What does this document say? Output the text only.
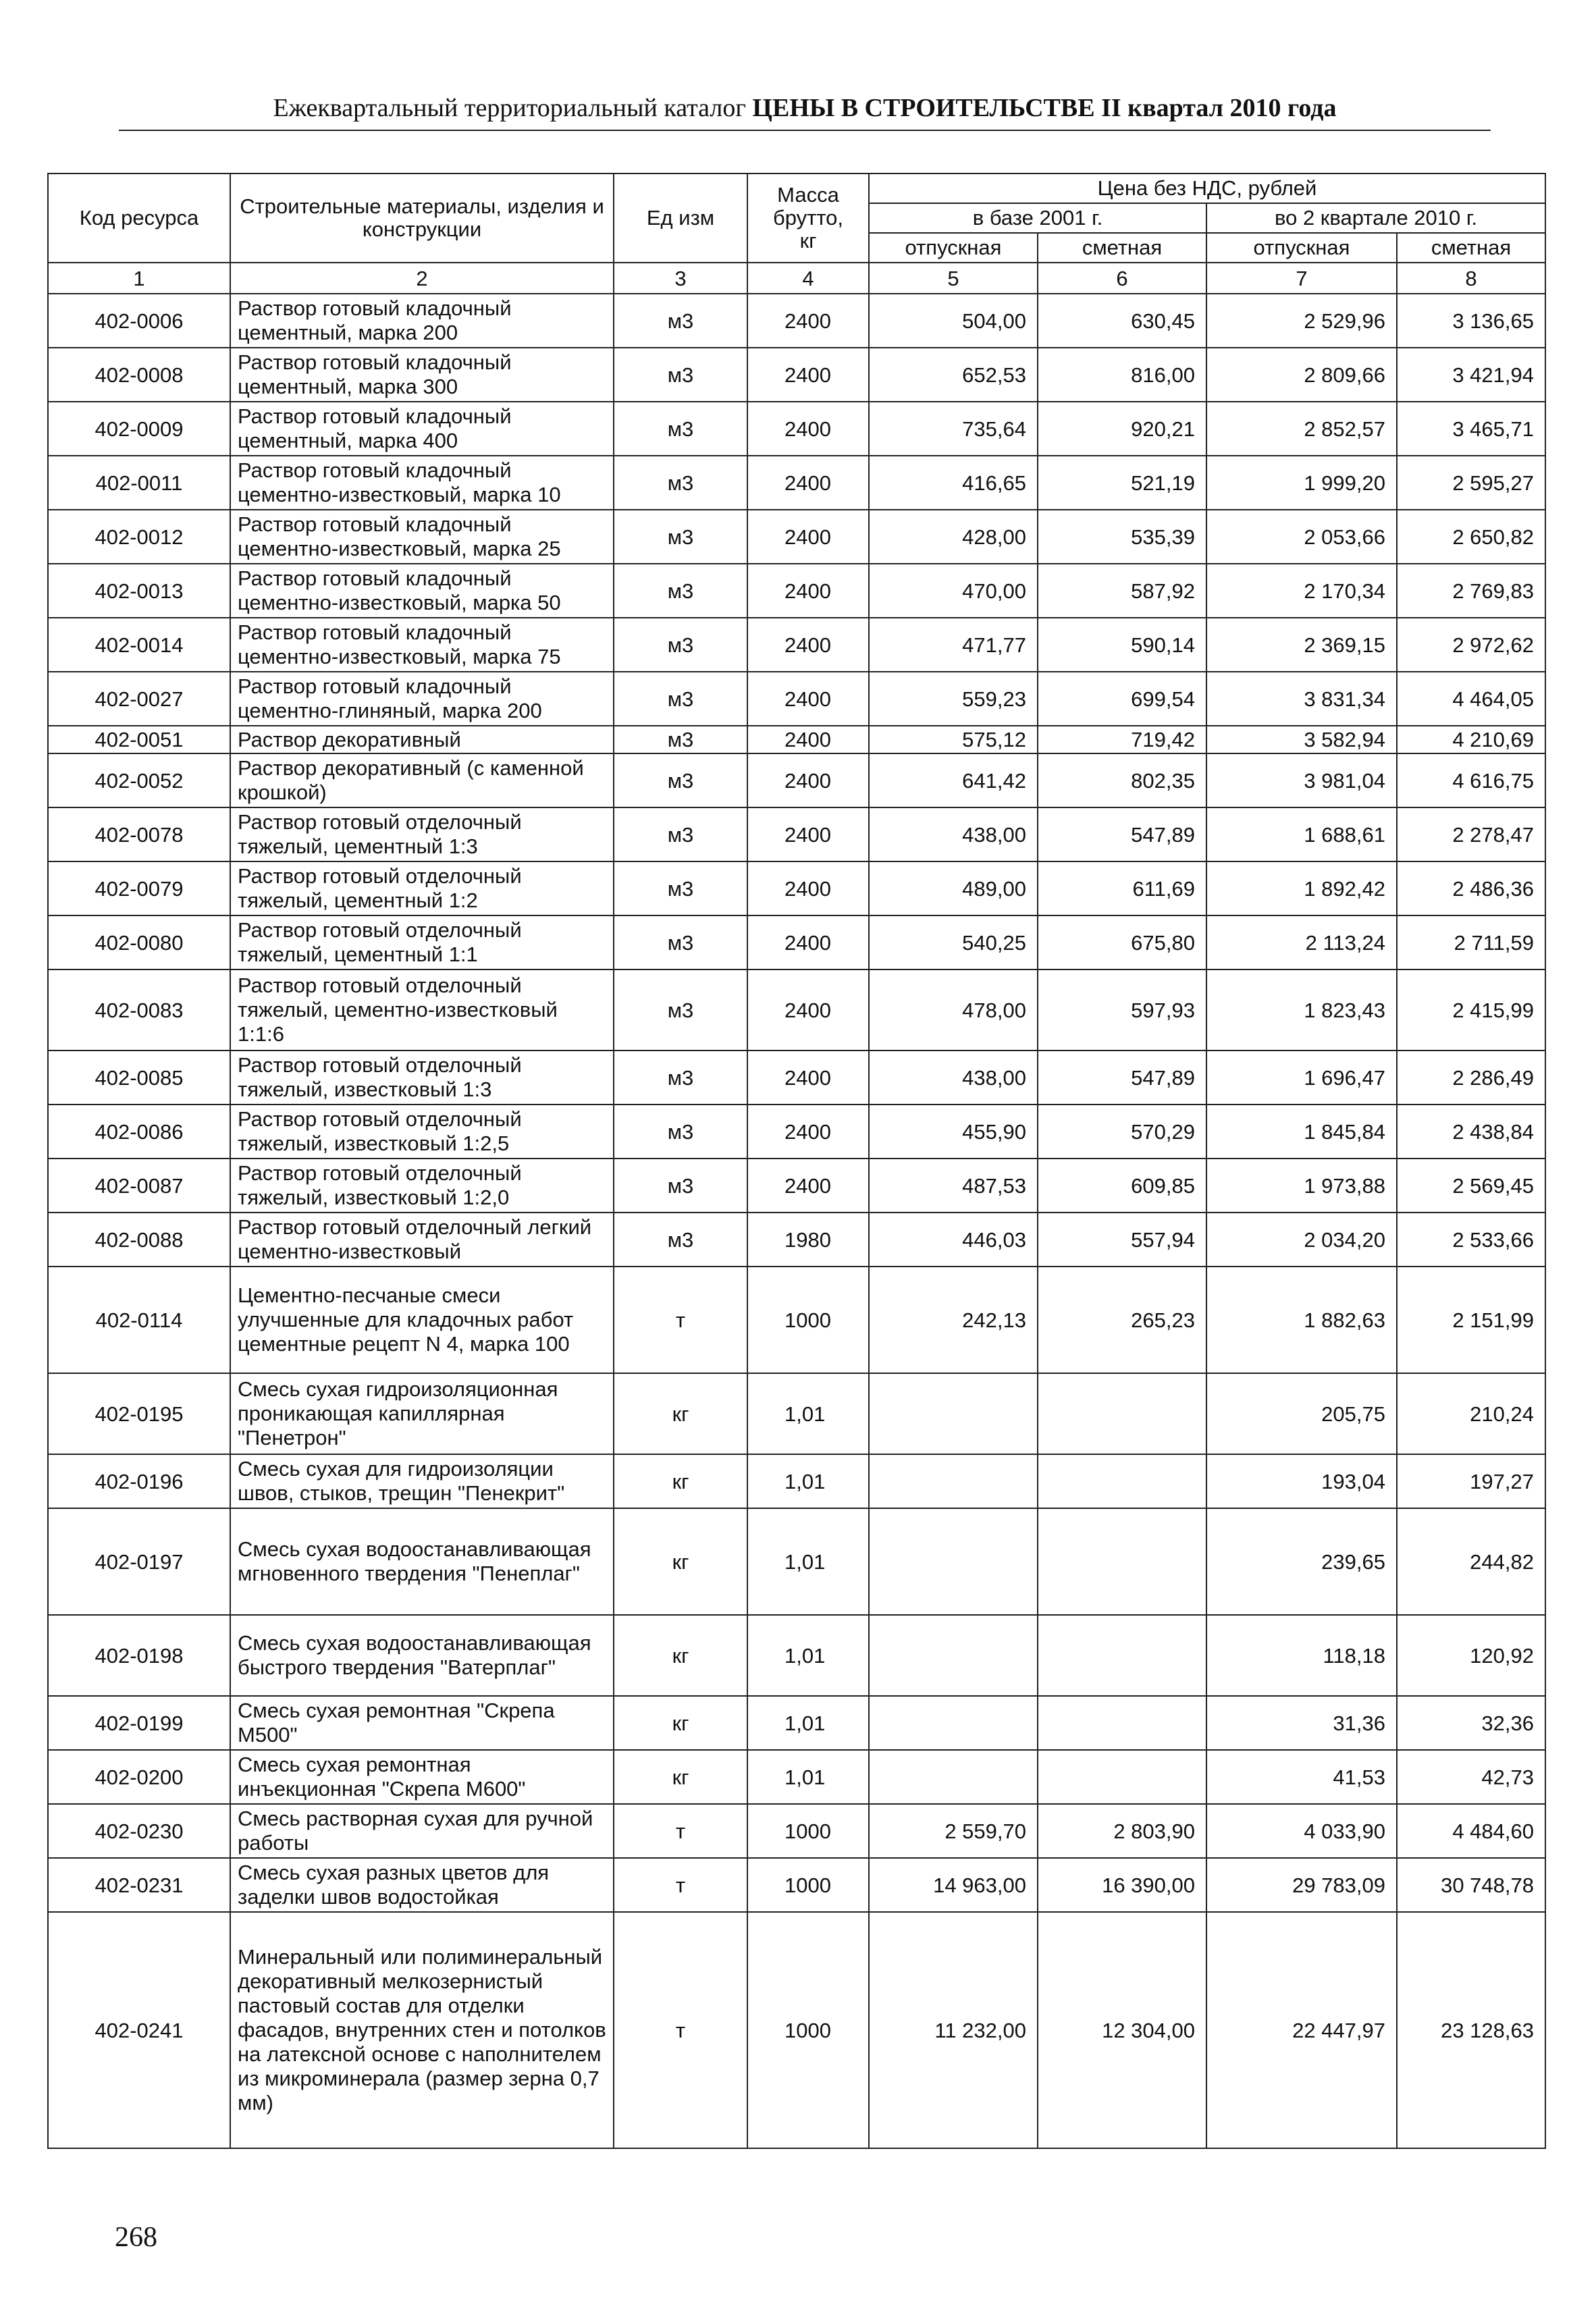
Ежеквартальный территориальный каталог ЦЕНЫ В СТРОИТЕЛЬСТВЕ II квартал 2010 года
Код ресурса	Строительные материалы, изделия и конструкции	Ед изм	Масса
брутто,
кг	Цена без НДС, рублей			
				в базе 2001 г.		во 2 квартале 2010 г.	
				отпускная	сметная	отпускная	сметная
1	2	3	4	5	6	7	8
402-0006	Раствор готовый кладочный цементный, марка 200	м3	2400	504,00	630,45	2 529,96	3 136,65
402-0008	Раствор готовый кладочный цементный, марка 300	м3	2400	652,53	816,00	2 809,66	3 421,94
402-0009	Раствор готовый кладочный цементный, марка 400	м3	2400	735,64	920,21	2 852,57	3 465,71
402-0011	Раствор готовый кладочный цементно-известковый, марка 10	м3	2400	416,65	521,19	1 999,20	2 595,27
402-0012	Раствор готовый кладочный цементно-известковый, марка 25	м3	2400	428,00	535,39	2 053,66	2 650,82
402-0013	Раствор готовый кладочный цементно-известковый, марка 50	м3	2400	470,00	587,92	2 170,34	2 769,83
402-0014	Раствор готовый кладочный цементно-известковый, марка 75	м3	2400	471,77	590,14	2 369,15	2 972,62
402-0027	Раствор готовый кладочный цементно-глиняный, марка 200	м3	2400	559,23	699,54	3 831,34	4 464,05
402-0051	Раствор декоративный	м3	2400	575,12	719,42	3 582,94	4 210,69
402-0052	Раствор декоративный (с каменной крошкой)	м3	2400	641,42	802,35	3 981,04	4 616,75
402-0078	Раствор готовый отделочный тяжелый, цементный 1:3	м3	2400	438,00	547,89	1 688,61	2 278,47
402-0079	Раствор готовый отделочный тяжелый, цементный 1:2	м3	2400	489,00	611,69	1 892,42	2 486,36
402-0080	Раствор готовый отделочный тяжелый, цементный 1:1	м3	2400	540,25	675,80	2 113,24	2 711,59
402-0083	Раствор готовый отделочный тяжелый, цементно-известковый 1:1:6	м3	2400	478,00	597,93	1 823,43	2 415,99
402-0085	Раствор готовый отделочный тяжелый, известковый 1:3	м3	2400	438,00	547,89	1 696,47	2 286,49
402-0086	Раствор готовый отделочный тяжелый, известковый 1:2,5	м3	2400	455,90	570,29	1 845,84	2 438,84
402-0087	Раствор готовый отделочный тяжелый, известковый 1:2,0	м3	2400	487,53	609,85	1 973,88	2 569,45
402-0088	Раствор готовый отделочный легкий цементно-известковый	м3	1980	446,03	557,94	2 034,20	2 533,66
402-0114	Цементно-песчаные смеси улучшенные для кладочных работ цементные рецепт N 4, марка 100	т	1000	242,13	265,23	1 882,63	2 151,99
402-0195	Смесь сухая гидроизоляционная проникающая капиллярная "Пенетрон"	кг	1,01			205,75	210,24
402-0196	Смесь сухая для гидроизоляции швов, стыков, трещин "Пенекрит"	кг	1,01			193,04	197,27
402-0197	Смесь сухая водоостанавливающая мгновенного твердения "Пенеплаг"	кг	1,01			239,65	244,82
402-0198	Смесь сухая водоостанавливающая быстрого твердения "Ватерплаг"	кг	1,01			118,18	120,92
402-0199	Смесь сухая ремонтная "Скрепа М500"	кг	1,01			31,36	32,36
402-0200	Смесь сухая ремонтная инъекционная "Скрепа М600"	кг	1,01			41,53	42,73
402-0230	Смесь растворная сухая для ручной работы	т	1000	2 559,70	2 803,90	4 033,90	4 484,60
402-0231	Смесь сухая разных цветов для заделки швов водостойкая	т	1000	14 963,00	16 390,00	29 783,09	30 748,78
402-0241	Минеральный или полиминеральный декоративный мелкозернистый пастовый состав для отделки фасадов, внутренних стен и потолков на латексной основе с наполнителем из микроминерала (размер зерна 0,7 мм)	т	1000	11 232,00	12 304,00	22 447,97	23 128,63
268
